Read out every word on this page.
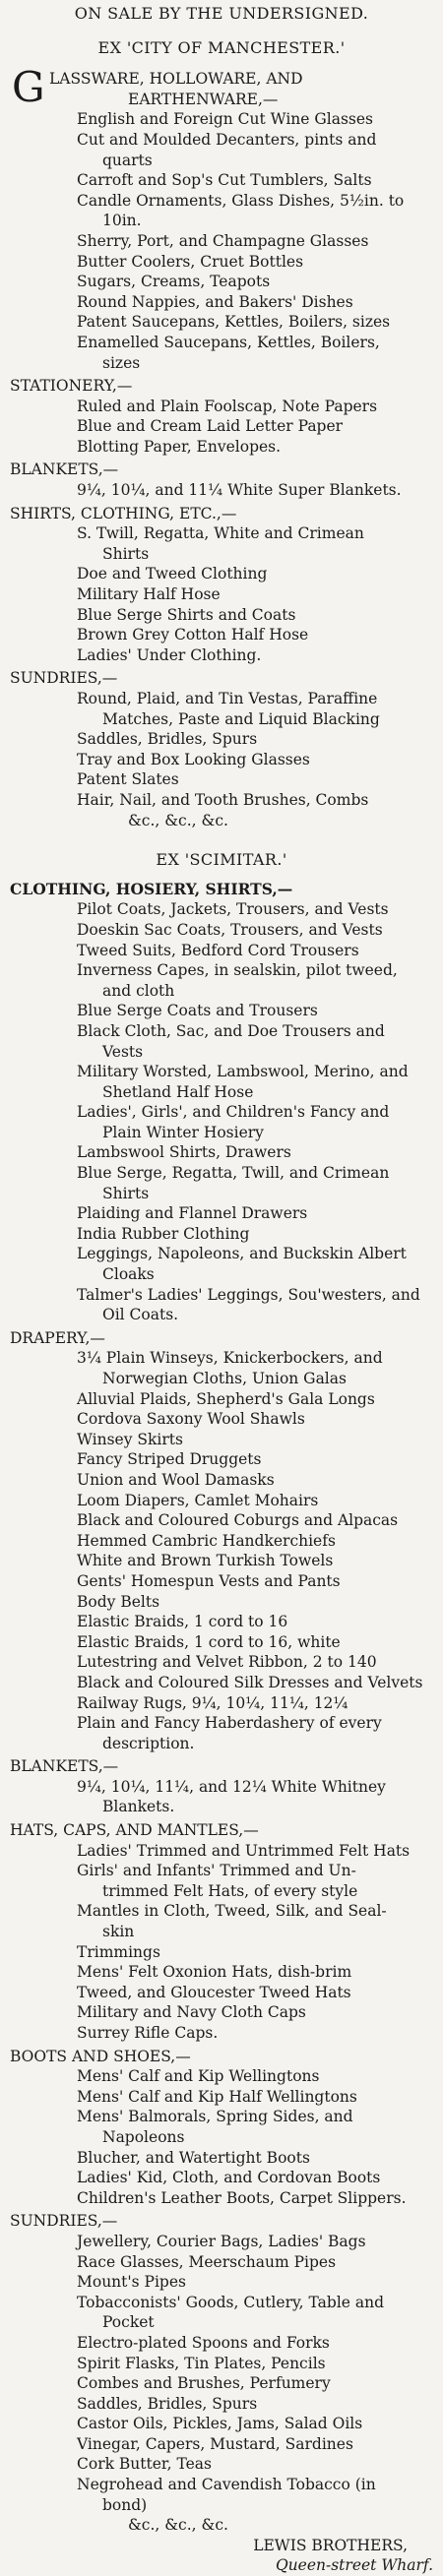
ON SALE BY THE UNDERSIGNED.
EX 'CITY OF MANCHESTER.'
G LASSWARE, HOLLOWARE, AND
EARTHENWARE,—
English and Foreign Cut Wine Glasses
Cut and Moulded Decanters, pints and
quarts
Carroft and Sop's Cut Tumblers, Salts
Candle Ornaments, Glass Dishes, 5½in. to
10in.
Sherry, Port, and Champagne Glasses
Butter Coolers, Cruet Bottles
Sugars, Creams, Teapots
Round Nappies, and Bakers' Dishes
Patent Saucepans, Kettles, Boilers, sizes
Enamelled Saucepans, Kettles, Boilers,
sizes
STATIONERY,—
Ruled and Plain Foolscap, Note Papers
Blue and Cream Laid Letter Paper
Blotting Paper, Envelopes.
BLANKETS,—
9¼, 10¼, and 11¼ White Super Blankets.
SHIRTS, CLOTHING, ETC.,—
S. Twill, Regatta, White and Crimean
Shirts
Doe and Tweed Clothing
Military Half Hose
Blue Serge Shirts and Coats
Brown Grey Cotton Half Hose
Ladies' Under Clothing.
SUNDRIES,—
Round, Plaid, and Tin Vestas, Paraffine
Matches, Paste and Liquid Blacking
Saddles, Bridles, Spurs
Tray and Box Looking Glasses
Patent Slates
Hair, Nail, and Tooth Brushes, Combs
&c., &c., &c.
EX 'SCIMITAR.'
CLOTHING, HOSIERY, SHIRTS,—
Pilot Coats, Jackets, Trousers, and Vests
Doeskin Sac Coats, Trousers, and Vests
Tweed Suits, Bedford Cord Trousers
Inverness Capes, in sealskin, pilot tweed,
and cloth
Blue Serge Coats and Trousers
Black Cloth, Sac, and Doe Trousers and
Vests
Military Worsted, Lambswool, Merino, and
Shetland Half Hose
Ladies', Girls', and Children's Fancy and
Plain Winter Hosiery
Lambswool Shirts, Drawers
Blue Serge, Regatta, Twill, and Crimean
Shirts
Plaiding and Flannel Drawers
India Rubber Clothing
Leggings, Napoleons, and Buckskin Albert
Cloaks
Talmer's Ladies' Leggings, Sou'westers, and
Oil Coats.
DRAPERY,—
3¼ Plain Winseys, Knickerbockers, and
Norwegian Cloths, Union Galas
Alluvial Plaids, Shepherd's Gala Longs
Cordova Saxony Wool Shawls
Winsey Skirts
Fancy Striped Druggets
Union and Wool Damasks
Loom Diapers, Camlet Mohairs
Black and Coloured Coburgs and Alpacas
Hemmed Cambric Handkerchiefs
White and Brown Turkish Towels
Gents' Homespun Vests and Pants
Body Belts
Elastic Braids, 1 cord to 16
Elastic Braids, 1 cord to 16, white
Lutestring and Velvet Ribbon, 2 to 140
Black and Coloured Silk Dresses and Velvets
Railway Rugs, 9¼, 10¼, 11¼, 12¼
Plain and Fancy Haberdashery of every
description.
BLANKETS,—
9¼, 10¼, 11¼, and 12¼ White Whitney
Blankets.
HATS, CAPS, AND MANTLES,—
Ladies' Trimmed and Untrimmed Felt Hats
Girls' and Infants' Trimmed and Un-
trimmed Felt Hats, of every style
Mantles in Cloth, Tweed, Silk, and Seal-
skin
Trimmings
Mens' Felt Oxonion Hats, dish-brim
Tweed, and Gloucester Tweed Hats
Military and Navy Cloth Caps
Surrey Rifle Caps.
BOOTS AND SHOES,—
Mens' Calf and Kip Wellingtons
Mens' Calf and Kip Half Wellingtons
Mens' Balmorals, Spring Sides, and
Napoleons
Blucher, and Watertight Boots
Ladies' Kid, Cloth, and Cordovan Boots
Children's Leather Boots, Carpet Slippers.
SUNDRIES,—
Jewellery, Courier Bags, Ladies' Bags
Race Glasses, Meerschaum Pipes
Mount's Pipes
Tobacconists' Goods, Cutlery, Table and
Pocket
Electro-plated Spoons and Forks
Spirit Flasks, Tin Plates, Pencils
Combes and Brushes, Perfumery
Saddles, Bridles, Spurs
Castor Oils, Pickles, Jams, Salad Oils
Vinegar, Capers, Mustard, Sardines
Cork Butter, Teas
Negrohead and Cavendish Tobacco (in
bond)
&c., &c., &c.
LEWIS BROTHERS,
Queen-street Wharf.
